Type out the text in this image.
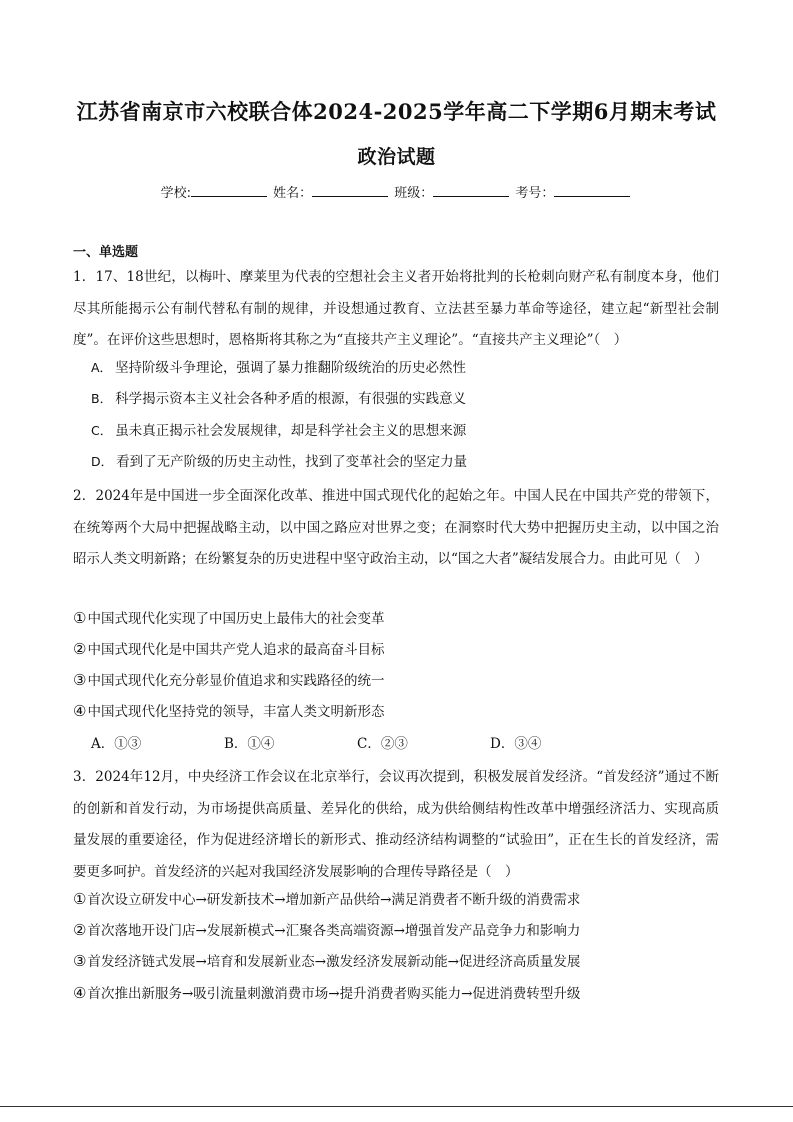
江苏省南京市六校联合体2024-2025学年高二下学期6月期末考试
政治试题
学校:	姓名：	班级：	考号：
一、单选题
1．17、18世纪，以梅叶、摩莱里为代表的空想社会主义者开始将批判的长枪刺向财产私有制度本身，他们尽其所能揭示公有制代替私有制的规律，并设想通过教育、立法甚至暴力革命等途径，建立起“新型社会制度”。在评价这些思想时，恩格斯将其称之为“直接共产主义理论”。“直接共产主义理论”（　）
A． 坚持阶级斗争理论，强调了暴力推翻阶级统治的历史必然性
B． 科学揭示资本主义社会各种矛盾的根源，有很强的实践意义
C． 虽未真正揭示社会发展规律，却是科学社会主义的思想来源
D． 看到了无产阶级的历史主动性，找到了变革社会的坚定力量
2．2024年是中国进一步全面深化改革、推进中国式现代化的起始之年。中国人民在中国共产党的带领下，在统筹两个大局中把握战略主动，以中国之路应对世界之变；在洞察时代大势中把握历史主动，以中国之治昭示人类文明新路；在纷繁复杂的历史进程中坚守政治主动，以“国之大者”凝结发展合力。由此可见（　）
①中国式现代化实现了中国历史上最伟大的社会变革
②中国式现代化是中国共产党人追求的最高奋斗目标
③中国式现代化充分彰显价值追求和实践路径的统一
④中国式现代化坚持党的领导，丰富人类文明新形态
A．①③	B．①④	C．②③	D．③④
3．2024年12月，中央经济工作会议在北京举行，会议再次提到，积极发展首发经济。“首发经济”通过不断的创新和首发行动，为市场提供高质量、差异化的供给，成为供给侧结构性改革中增强经济活力、实现高质量发展的重要途径，作为促进经济增长的新形式、推动经济结构调整的“试验田”，正在生长的首发经济，需要更多呵护。首发经济的兴起对我国经济发展影响的合理传导路径是（　）
①首次设立研发中心→研发新技术→增加新产品供给→满足消费者不断升级的消费需求
②首次落地开设门店→发展新模式→汇聚各类高端资源→增强首发产品竞争力和影响力
③首发经济链式发展→培育和发展新业态→激发经济发展新动能→促进经济高质量发展
④首次推出新服务→吸引流量刺激消费市场→提升消费者购买能力→促进消费转型升级
